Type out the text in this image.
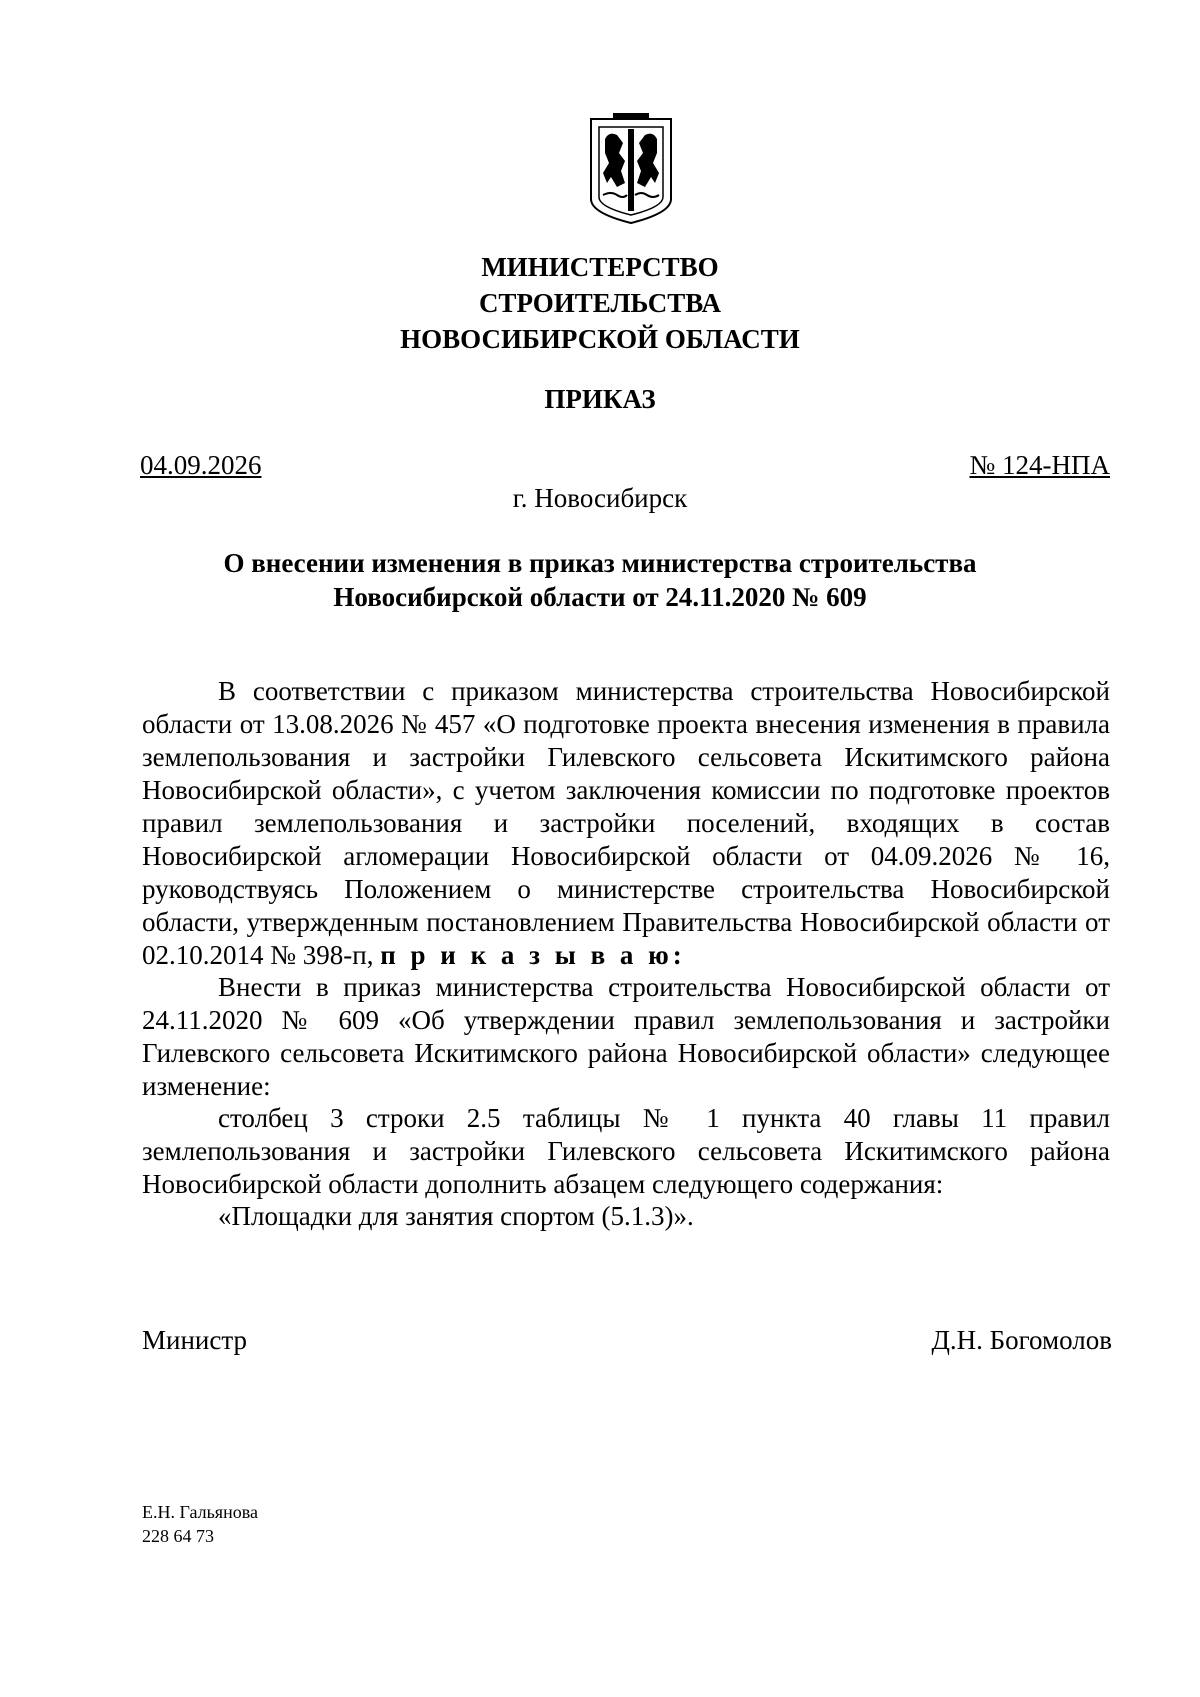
МИНИСТЕРСТВО
СТРОИТЕЛЬСТВА
НОВОСИБИРСКОЙ ОБЛАСТИ
ПРИКАЗ
04.09.2026	№ 124-НПА
г. Новосибирск
О внесении изменения в приказ министерства строительства
Новосибирской области от 24.11.2020 № 609
В соответствии с приказом министерства строительства Новосибирской области от 13.08.2026 № 457 «О подготовке проекта внесения изменения в правила землепользования и застройки Гилевского сельсовета Искитимского района Новосибирской области», с учетом заключения комиссии по подготовке проектов правил землепользования и застройки поселений, входящих в состав Новосибирской агломерации Новосибирской области от 04.09.2026 № 16, руководствуясь Положением о министерстве строительства Новосибирской области, утвержденным постановлением Правительства Новосибирской области от 02.10.2014 № 398-п, п р и к а з ы в а ю:
Внести в приказ министерства строительства Новосибирской области от 24.11.2020 № 609 «Об утверждении правил землепользования и застройки Гилевского сельсовета Искитимского района Новосибирской области» следующее изменение:
столбец 3 строки 2.5 таблицы № 1 пункта 40 главы 11 правил землепользования и застройки Гилевского сельсовета Искитимского района Новосибирской области дополнить абзацем следующего содержания:
«Площадки для занятия спортом (5.1.3)».
Министр	Д.Н. Богомолов
Е.Н. Гальянова
228 64 73
